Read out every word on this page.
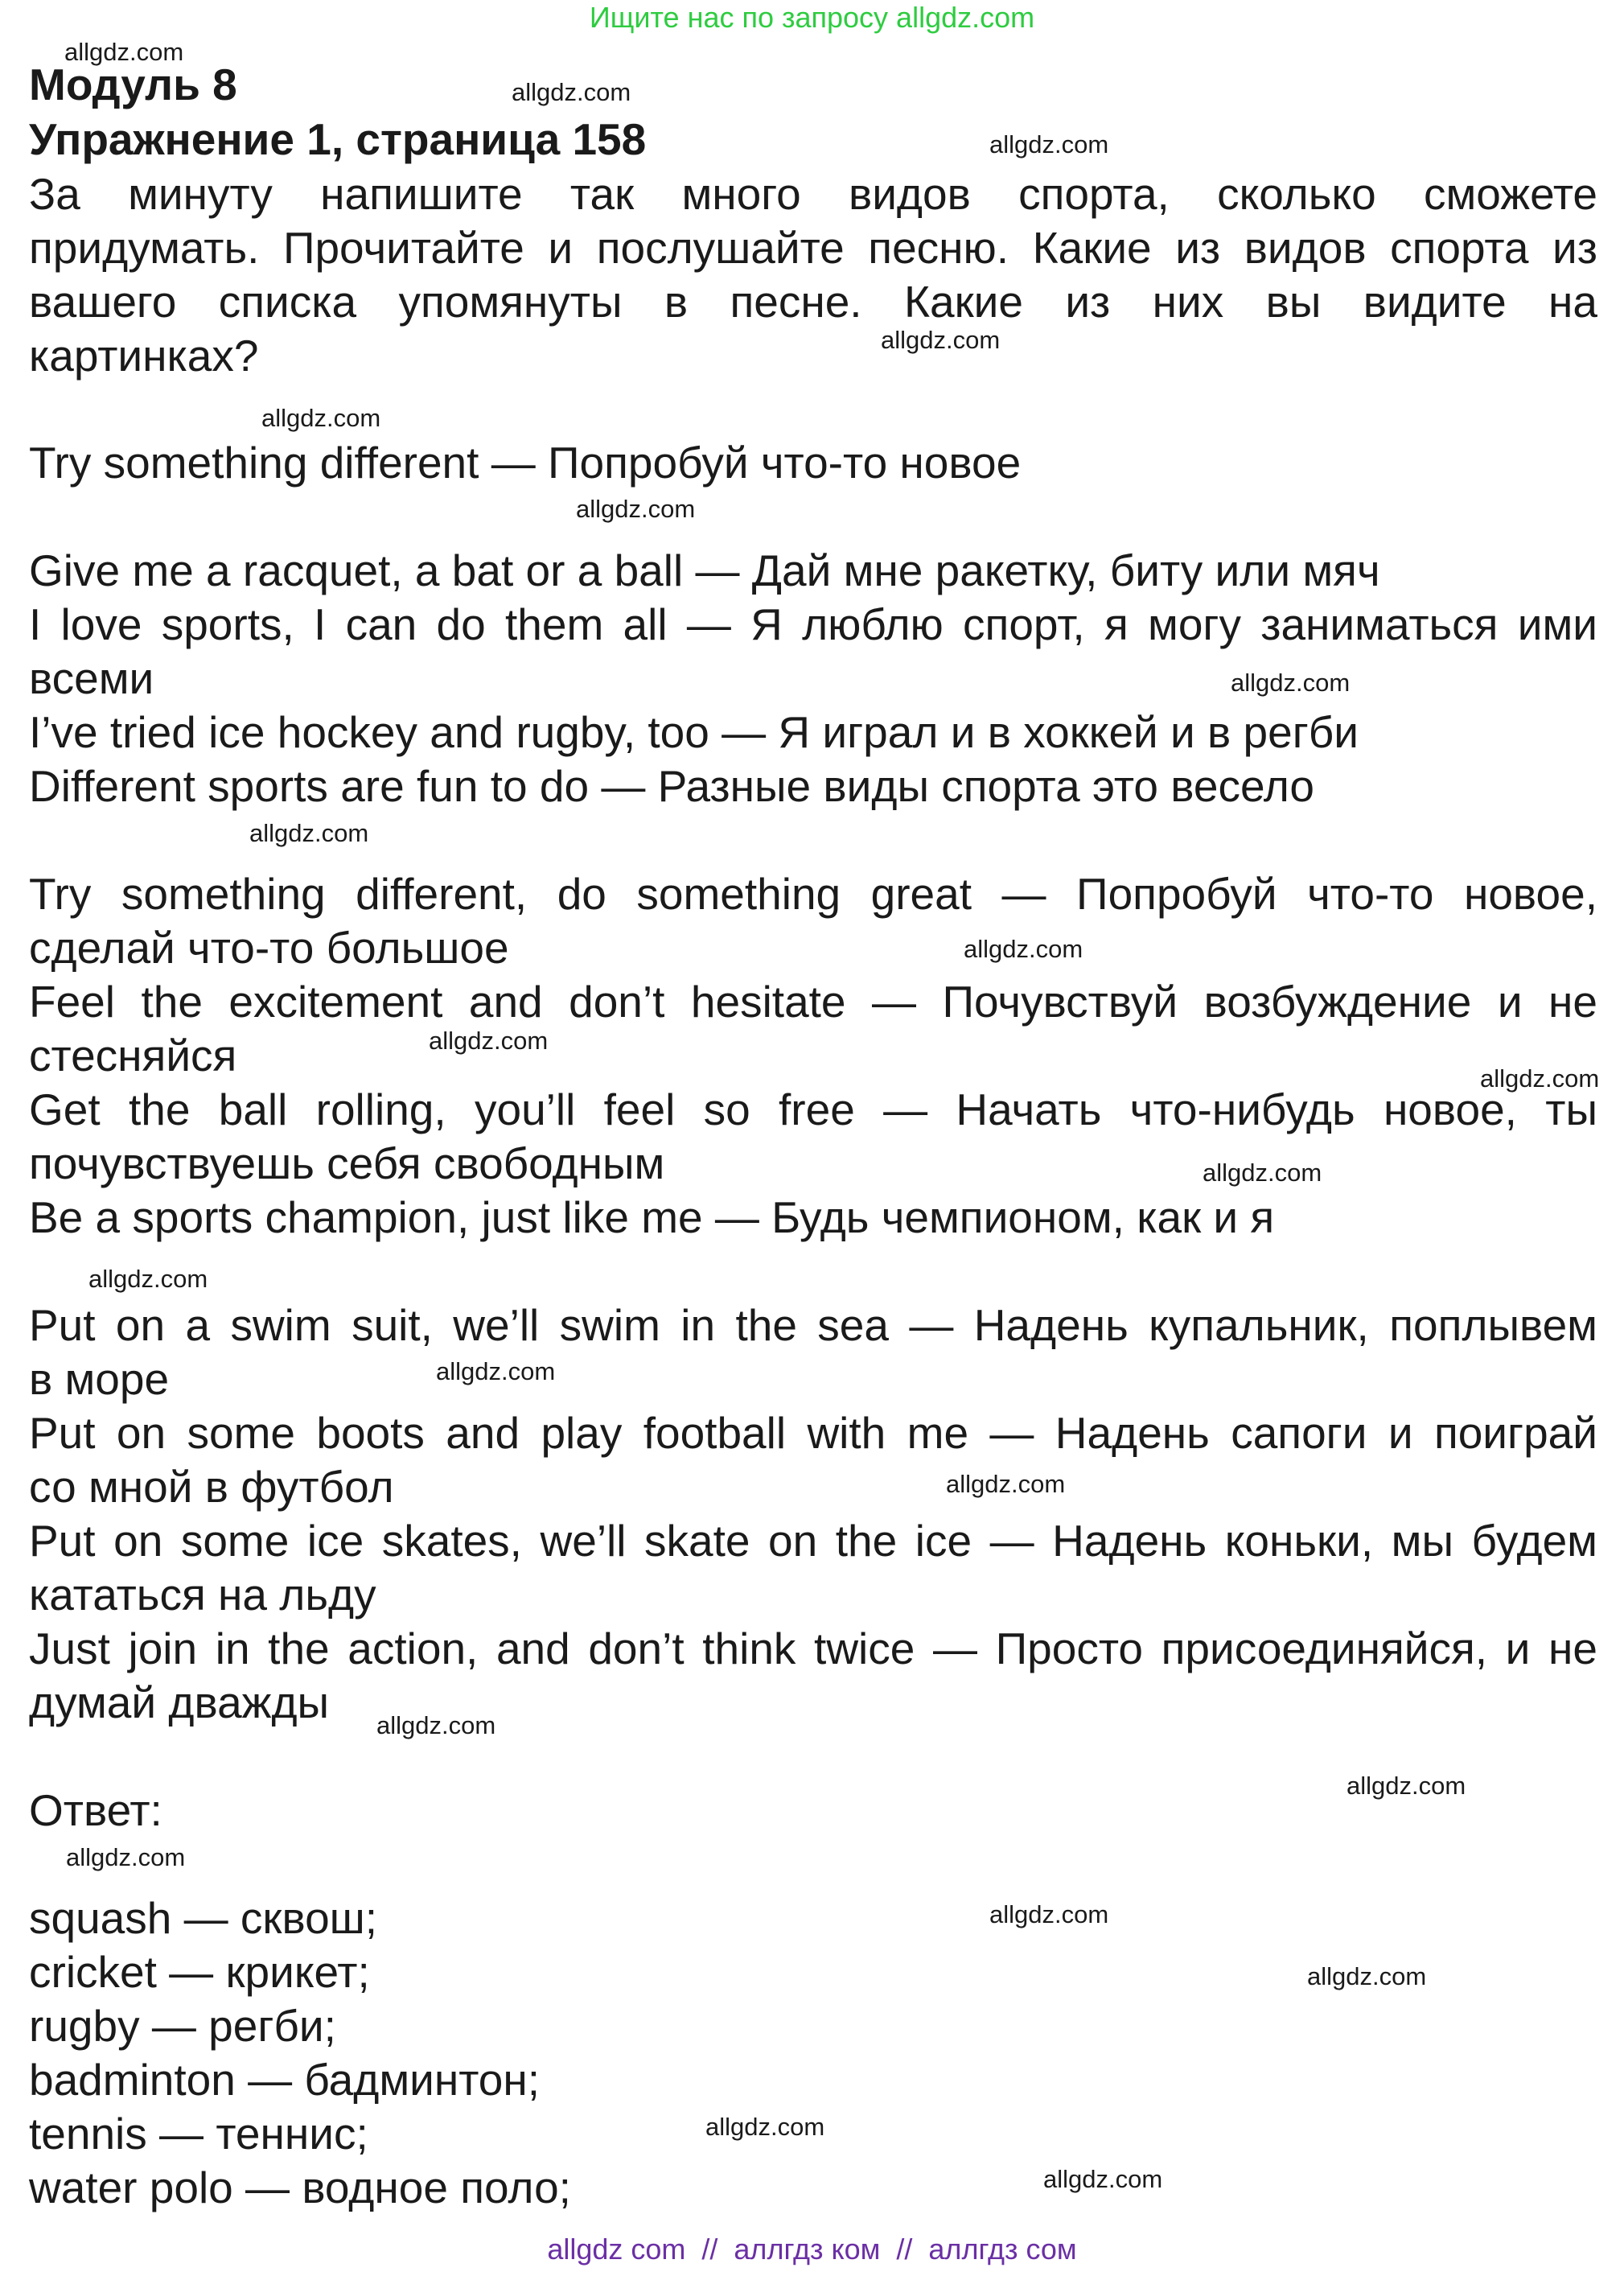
Ищите нас по запросу allgdz.com
Модуль 8
Упражнение 1, страница 158
За минуту напишите так много видов спорта, сколько сможете
придумать. Прочитайте и послушайте песню. Какие из видов спорта из
вашего списка упомянуты в песне. Какие из них вы видите на
картинках?
Try something different — Попробуй что-то новое
Give me a racquet, a bat or a ball — Дай мне ракетку, биту или мяч
I love sports, I can do them all — Я люблю спорт, я могу заниматься ими
всеми
I’ve tried ice hockey and rugby, too — Я играл и в хоккей и в регби
Different sports are fun to do — Разные виды спорта это весело
Try something different, do something great — Попробуй что-то новое,
сделай что-то большое
Feel the excitement and don’t hesitate — Почувствуй возбуждение и не
стесняйся
Get the ball rolling, you’ll feel so free — Начать что-нибудь новое, ты
почувствуешь себя свободным
Be a sports champion, just like me — Будь чемпионом, как и я
Put on a swim suit, we’ll swim in the sea — Надень купальник, поплывем
в море
Put on some boots and play football with me — Надень сапоги и поиграй
со мной в футбол
Put on some ice skates, we’ll skate on the ice — Надень коньки, мы будем
кататься на льду
Just join in the action, and don’t think twice — Просто присоединяйся, и не
думай дважды
Ответ:
squash — сквош;
cricket — крикет;
rugby — регби;
badminton — бадминтон;
tennis — теннис;
water polo — водное поло;
allgdz.com
allgdz.com
allgdz.com
allgdz.com
allgdz.com
allgdz.com
allgdz.com
allgdz.com
allgdz.com
allgdz.com
allgdz.com
allgdz.com
allgdz.com
allgdz.com
allgdz.com
allgdz.com
allgdz.com
allgdz.com
allgdz.com
allgdz.com
allgdz.com
allgdz.com
allgdz com  //  аллгдз ком  //  аллгдз сом
